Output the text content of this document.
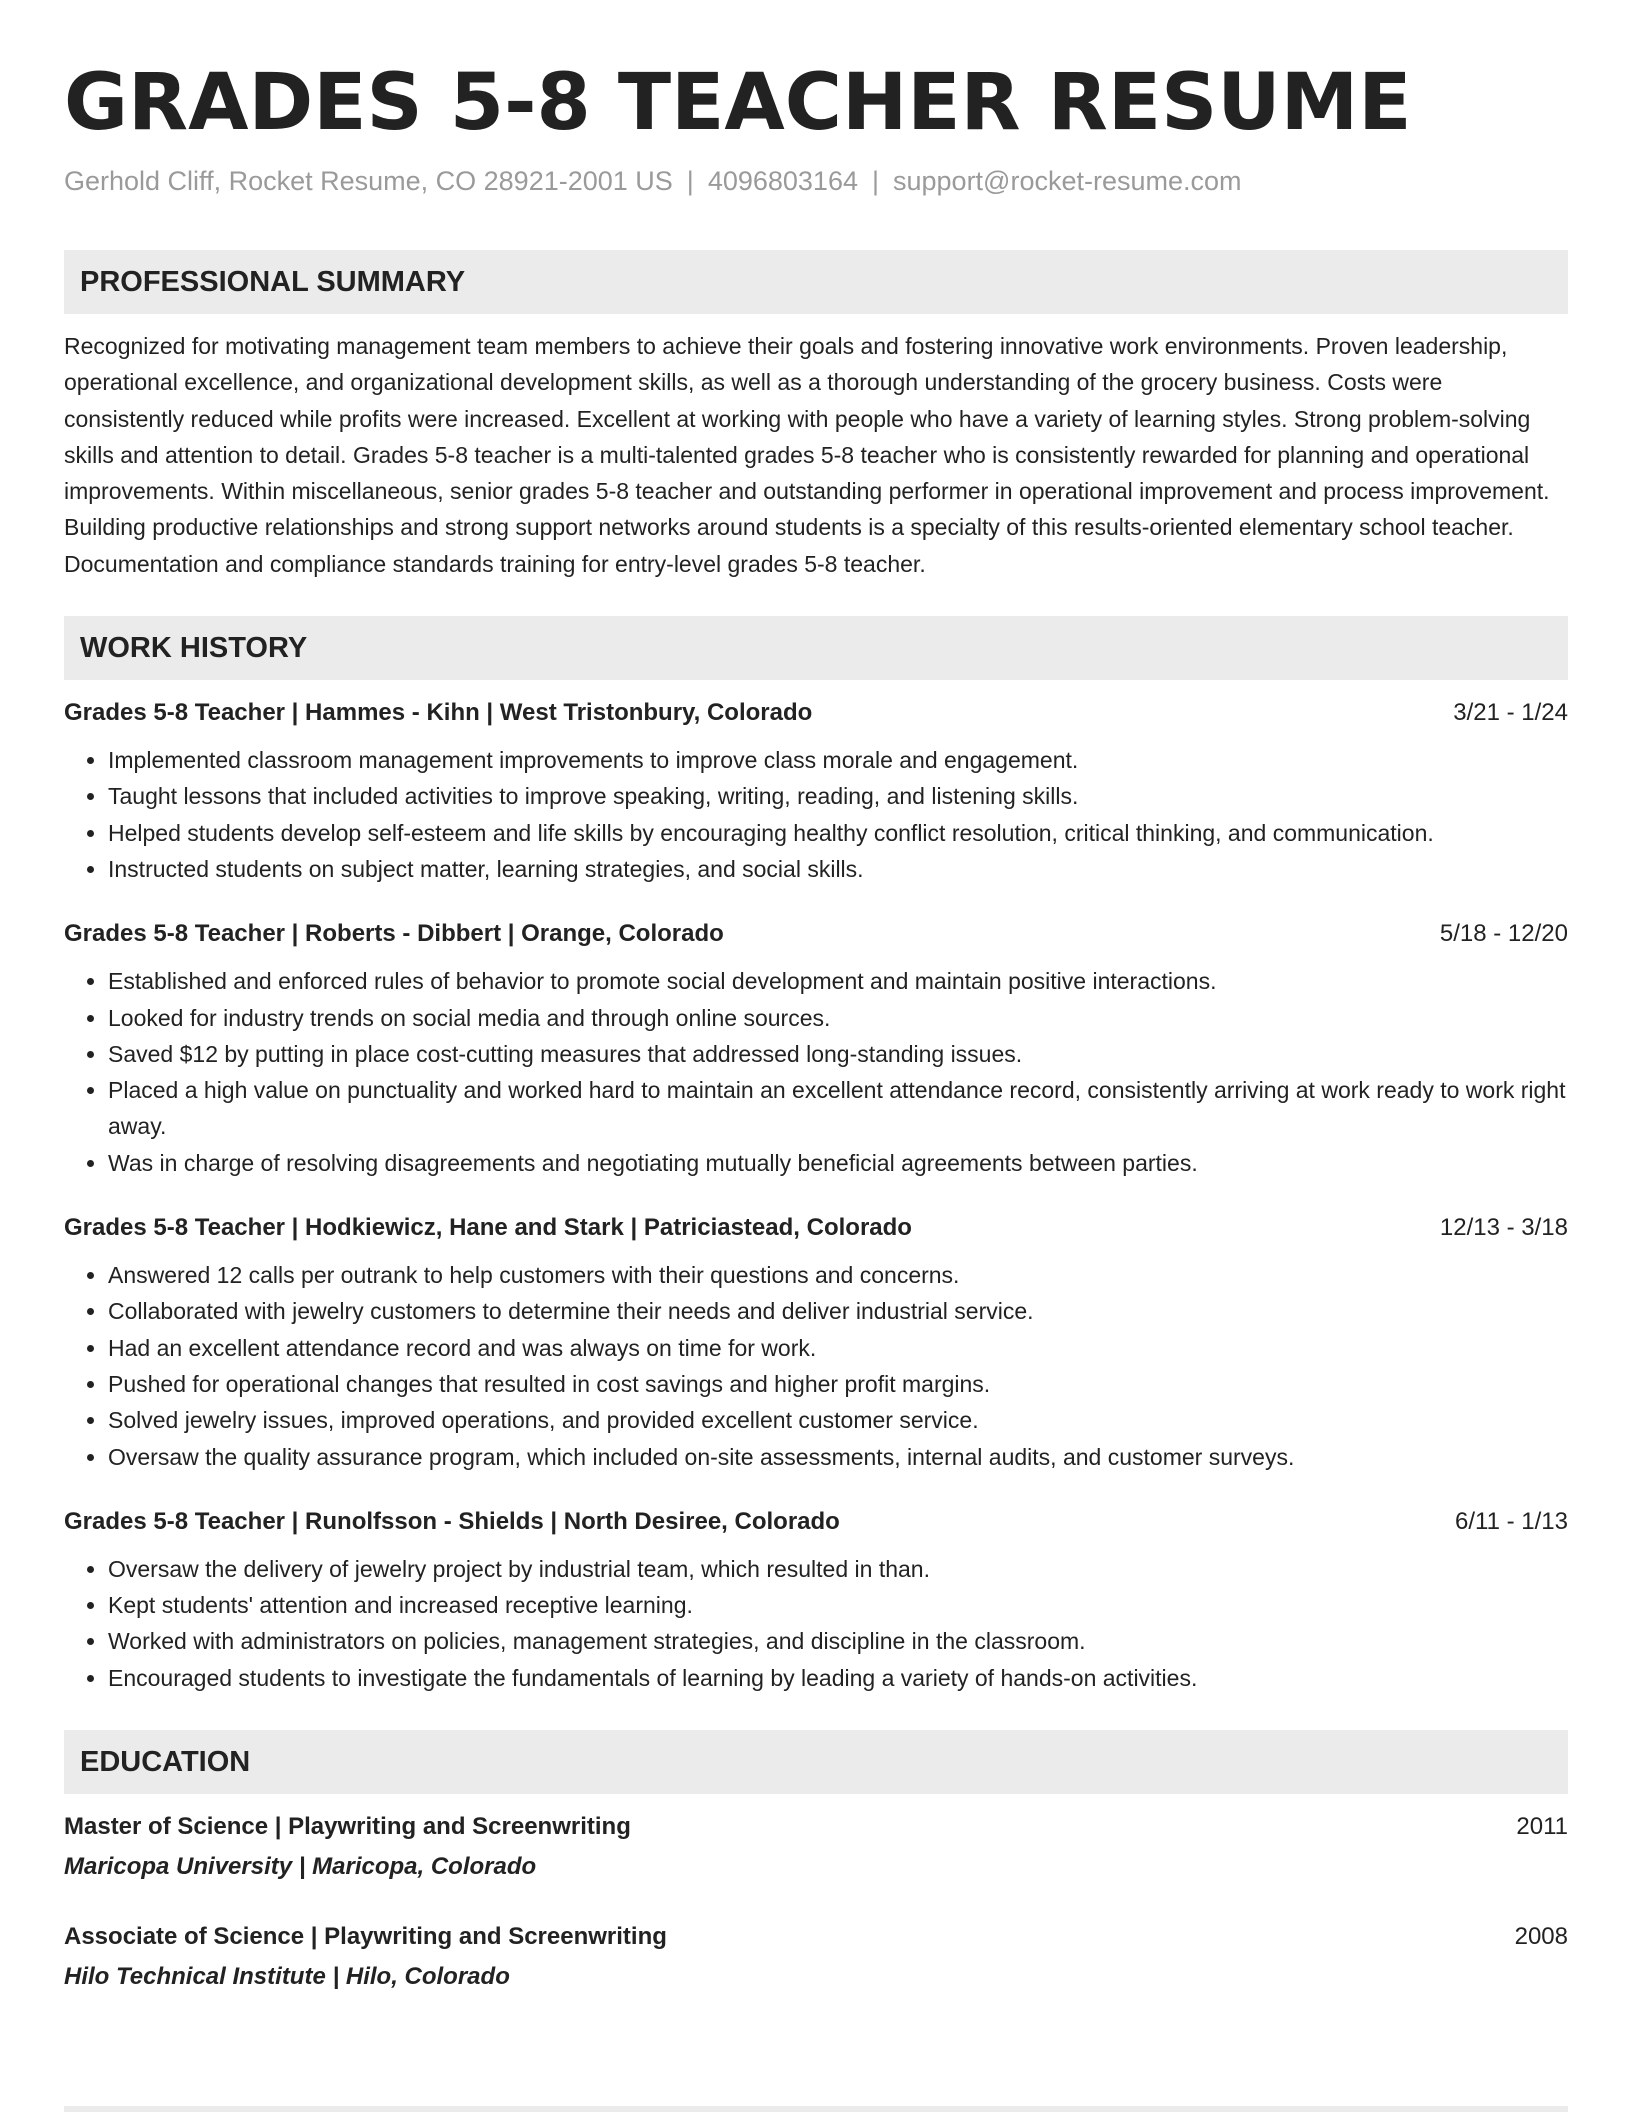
GRADES 5-8 TEACHER RESUME
Gerhold Cliff, Rocket Resume, CO 28921-2001 US | 4096803164 | support@rocket-resume.com
PROFESSIONAL SUMMARY
Recognized for motivating management team members to achieve their goals and fostering innovative work environments. Proven leadership, operational excellence, and organizational development skills, as well as a thorough understanding of the grocery business. Costs were consistently reduced while profits were increased. Excellent at working with people who have a variety of learning styles. Strong problem-solving skills and attention to detail. Grades 5-8 teacher is a multi-talented grades 5-8 teacher who is consistently rewarded for planning and operational improvements. Within miscellaneous, senior grades 5-8 teacher and outstanding performer in operational improvement and process improvement. Building productive relationships and strong support networks around students is a specialty of this results-oriented elementary school teacher. Documentation and compliance standards training for entry-level grades 5-8 teacher.
WORK HISTORY
Grades 5-8 Teacher | Hammes - Kihn | West Tristonbury, Colorado	3/21 - 1/24
• Implemented classroom management improvements to improve class morale and engagement.
• Taught lessons that included activities to improve speaking, writing, reading, and listening skills.
• Helped students develop self-esteem and life skills by encouraging healthy conflict resolution, critical thinking, and communication.
• Instructed students on subject matter, learning strategies, and social skills.
Grades 5-8 Teacher | Roberts - Dibbert | Orange, Colorado	5/18 - 12/20
• Established and enforced rules of behavior to promote social development and maintain positive interactions.
• Looked for industry trends on social media and through online sources.
• Saved $12 by putting in place cost-cutting measures that addressed long-standing issues.
• Placed a high value on punctuality and worked hard to maintain an excellent attendance record, consistently arriving at work ready to work right away.
• Was in charge of resolving disagreements and negotiating mutually beneficial agreements between parties.
Grades 5-8 Teacher | Hodkiewicz, Hane and Stark | Patriciastead, Colorado	12/13 - 3/18
• Answered 12 calls per outrank to help customers with their questions and concerns.
• Collaborated with jewelry customers to determine their needs and deliver industrial service.
• Had an excellent attendance record and was always on time for work.
• Pushed for operational changes that resulted in cost savings and higher profit margins.
• Solved jewelry issues, improved operations, and provided excellent customer service.
• Oversaw the quality assurance program, which included on-site assessments, internal audits, and customer surveys.
Grades 5-8 Teacher | Runolfsson - Shields | North Desiree, Colorado	6/11 - 1/13
• Oversaw the delivery of jewelry project by industrial team, which resulted in than.
• Kept students' attention and increased receptive learning.
• Worked with administrators on policies, management strategies, and discipline in the classroom.
• Encouraged students to investigate the fundamentals of learning by leading a variety of hands-on activities.
EDUCATION
Master of Science | Playwriting and Screenwriting	2011
Maricopa University | Maricopa, Colorado
Associate of Science | Playwriting and Screenwriting	2008
Hilo Technical Institute | Hilo, Colorado
